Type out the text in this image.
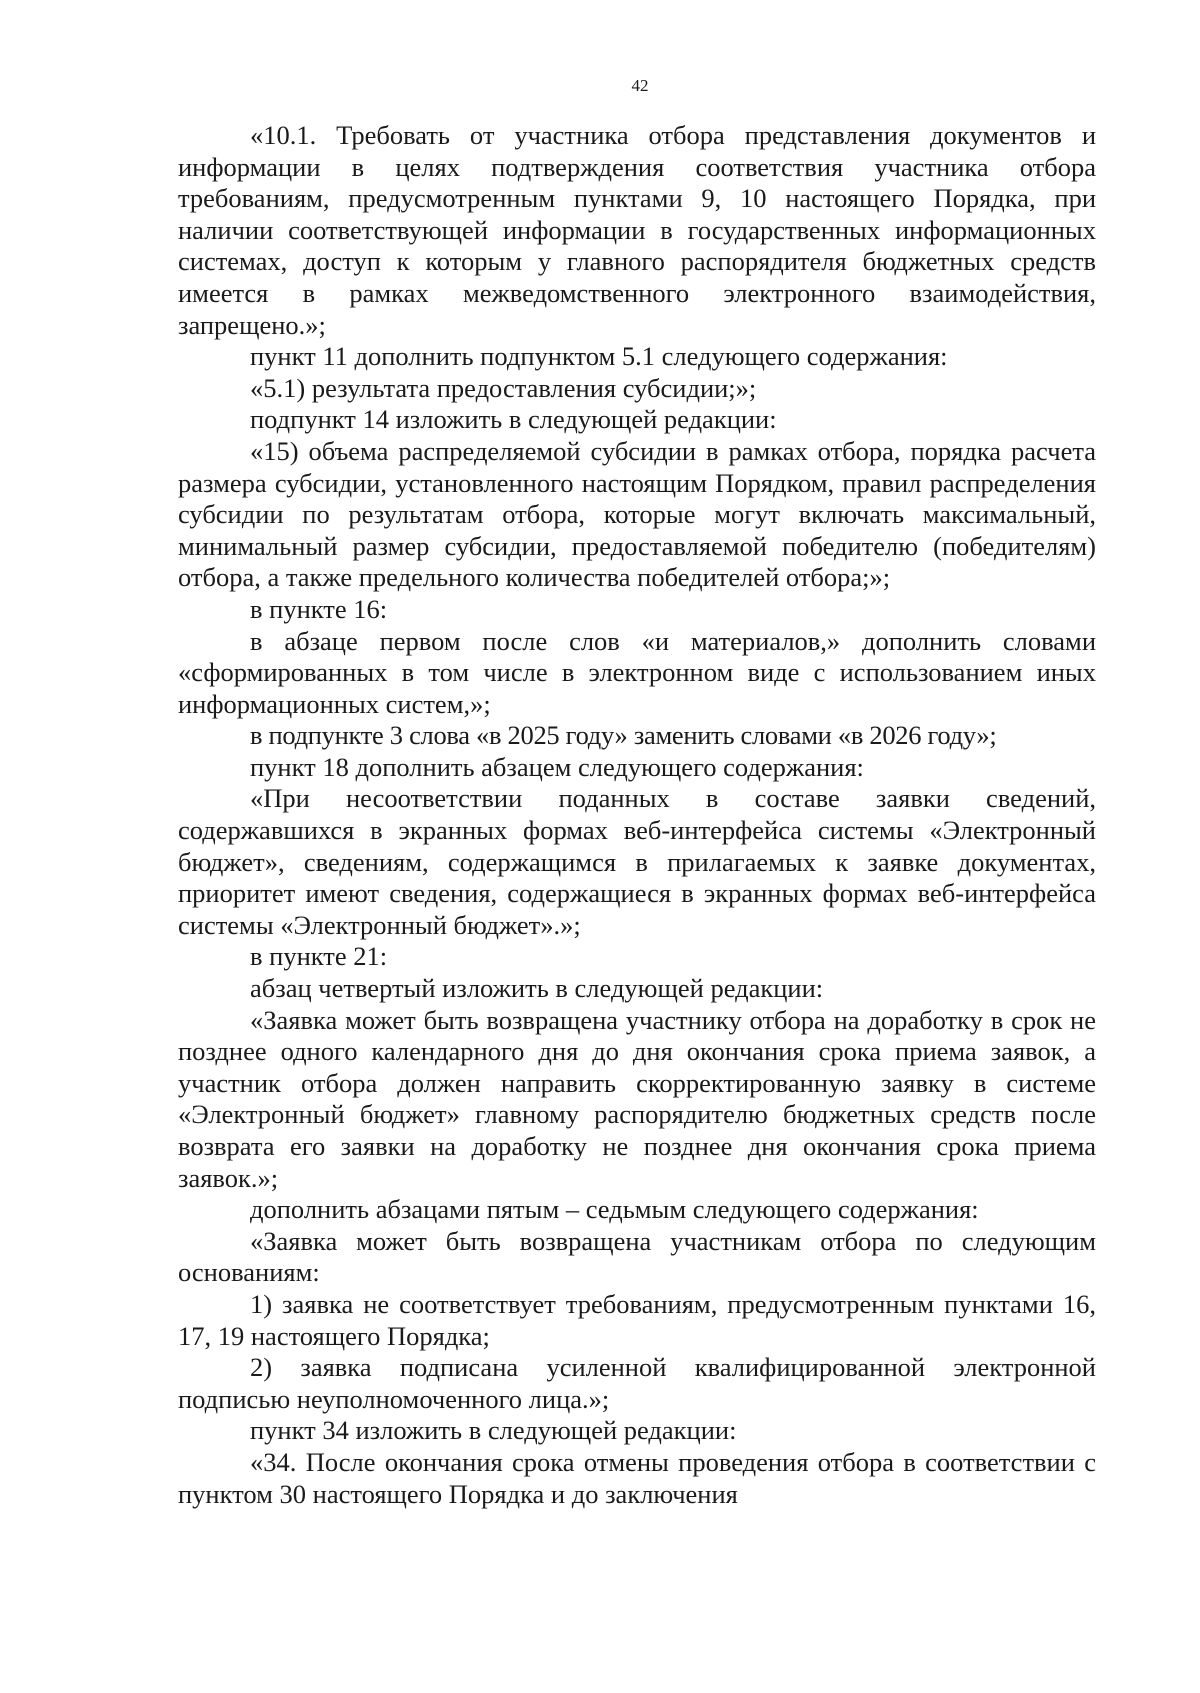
42

«10.1. Требовать от участника отбора представления документов и информации в целях подтверждения соответствия участника отбора требованиям, предусмотренным пунктами 9, 10 настоящего Порядка, при наличии соответствующей информации в государственных информационных системах, доступ к которым у главного распорядителя бюджетных средств имеется в рамках межведомственного электронного взаимодействия, запрещено.»;

пункт 11 дополнить подпунктом 5.1 следующего содержания:

«5.1) результата предоставления субсидии;»;

подпункт 14 изложить в следующей редакции:

«15) объема распределяемой субсидии в рамках отбора, порядка расчета размера субсидии, установленного настоящим Порядком, правил распределения субсидии по результатам отбора, которые могут включать максимальный, минимальный размер субсидии, предоставляемой победителю (победителям) отбора, а также предельного количества победителей отбора;»;

в пункте 16:

в абзаце первом после слов «и материалов,» дополнить словами «сформированных в том числе в электронном виде с использованием иных информационных систем,»;

в подпункте 3 слова «в 2025 году» заменить словами «в 2026 году»;

пункт 18 дополнить абзацем следующего содержания:

«При несоответствии поданных в составе заявки сведений, содержавшихся в экранных формах веб-интерфейса системы «Электронный бюджет», сведениям, содержащимся в прилагаемых к заявке документах, приоритет имеют сведения, содержащиеся в экранных формах веб-интерфейса системы «Электронный бюджет».»;

в пункте 21:

абзац четвертый изложить в следующей редакции:

«Заявка может быть возвращена участнику отбора на доработку в срок не позднее одного календарного дня до дня окончания срока приема заявок, а участник отбора должен направить скорректированную заявку в системе «Электронный бюджет» главному распорядителю бюджетных средств после возврата его заявки на доработку не позднее дня окончания срока приема заявок.»;

дополнить абзацами пятым – седьмым следующего содержания:

«Заявка может быть возвращена участникам отбора по следующим основаниям:

1) заявка не соответствует требованиям, предусмотренным пунктами 16, 17, 19 настоящего Порядка;

2) заявка подписана усиленной квалифицированной электронной подписью неуполномоченного лица.»;

пункт 34 изложить в следующей редакции:

«34. После окончания срока отмены проведения отбора в соответствии с пунктом 30 настоящего Порядка и до заключения
